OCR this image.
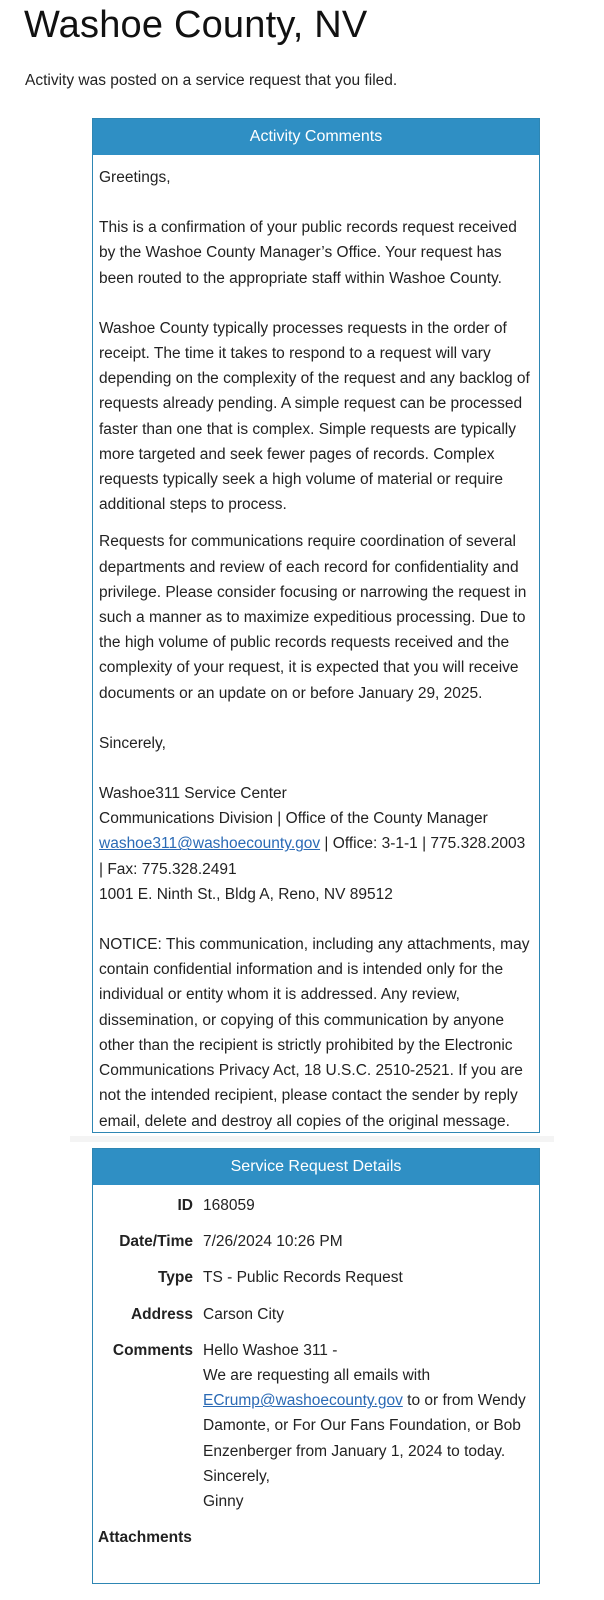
Washoe County, NV
Activity was posted on a service request that you filed.
Activity Comments

Greetings,

This is a confirmation of your public records request received by the Washoe County Manager’s Office. Your request has been routed to the appropriate staff within Washoe County.

Washoe County typically processes requests in the order of receipt. The time it takes to respond to a request will vary depending on the complexity of the request and any backlog of requests already pending. A simple request can be processed faster than one that is complex. Simple requests are typically more targeted and seek fewer pages of records. Complex requests typically seek a high volume of material or require additional steps to process.

Requests for communications require coordination of several departments and review of each record for confidentiality and privilege. Please consider focusing or narrowing the request in such a manner as to maximize expeditious processing. Due to the high volume of public records requests received and the complexity of your request, it is expected that you will receive documents or an update on or before January 29, 2025.

Sincerely,

Washoe311 Service Center

Communications Division | Office of the County Manager

washoe311@washoecounty.gov | Office: 3-1-1 | 775.328.2003 | Fax: 775.328.2491

1001 E. Ninth St., Bldg A, Reno, NV 89512

NOTICE: This communication, including any attachments, may contain confidential information and is intended only for the individual or entity whom it is addressed. Any review, dissemination, or copying of this communication by anyone other than the recipient is strictly prohibited by the Electronic Communications Privacy Act, 18 U.S.C. 2510-2521. If you are not the intended recipient, please contact the sender by reply email, delete and destroy all copies of the original message.

Service Request Details
ID 168059
Date/Time 7/26/2024 10:26 PM
Type TS - Public Records Request
Address Carson City
Comments Hello Washoe 311 -
We are requesting all emails with
ECrump@washoecounty.gov to or from Wendy Damonte, or For Our Fans Foundation, or Bob Enzenberger from January 1, 2024 to today.
Sincerely,
Ginny
Attachments
